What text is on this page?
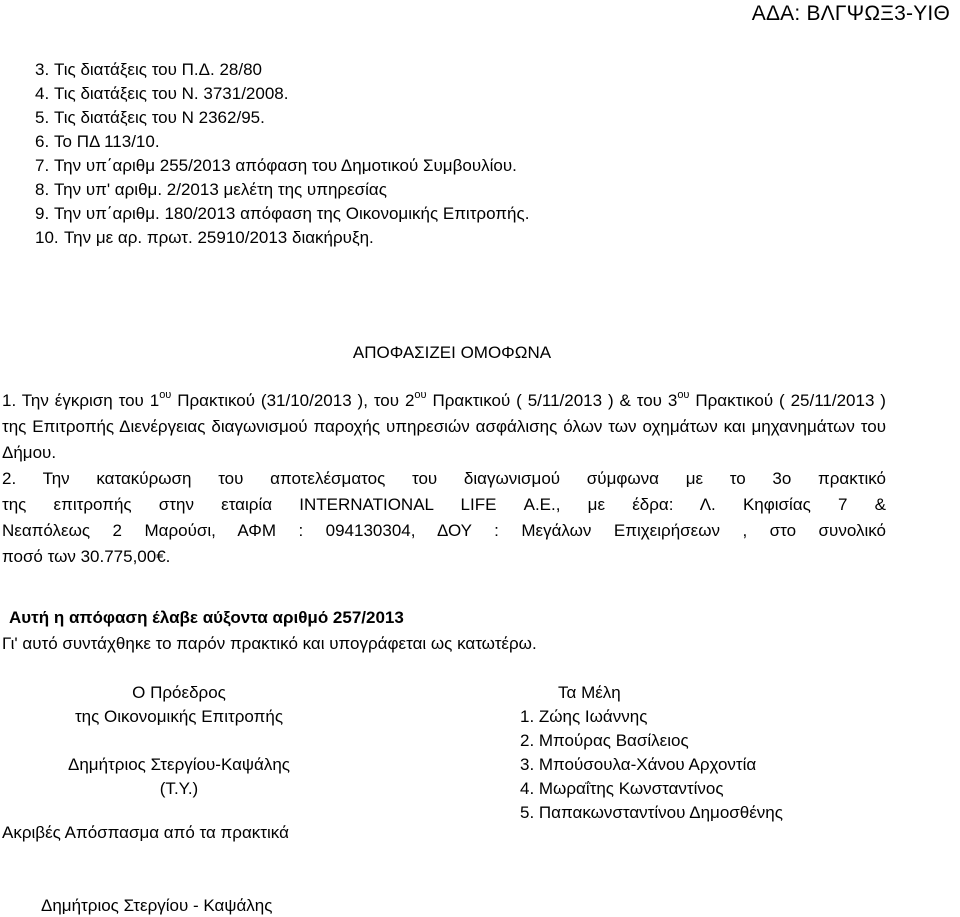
ΑΔΑ: ΒΛΓΨΩΞ3-ΥΙΘ
3. Τις διατάξεις του Π.Δ. 28/80
4. Τις διατάξεις του Ν. 3731/2008.
5. Τις διατάξεις του Ν 2362/95.
6. Το ΠΔ 113/10.
7. Την υπ΄αριθμ 255/2013 απόφαση του Δημοτικού Συμβουλίου.
8. Την υπ' αριθμ. 2/2013 μελέτη της υπηρεσίας
9. Την υπ΄αριθμ. 180/2013 απόφαση της Οικονομικής Επιτροπής.
10. Την με αρ. πρωτ. 25910/2013 διακήρυξη.
ΑΠΟΦΑΣΙΖΕΙ ΟΜΟΦΩΝΑ

1. Την έγκριση του $1^{o\upsilon}$ Πρακτικού (31/10/2013 ), του $2^{o\upsilon}$ Πρακτικού ( 5/11/2013 ) & του $3^{o\upsilon}$ Πρακτικού ( 25/11/2013 ) της Επιτροπής Διενέργειας διαγωνισμού παροχής υπηρεσιών ασφάλισης όλων των οχημάτων και μηχανημάτων του Δήμου.

2. Την κατακύρωση του αποτελέσματος του διαγωνισμού σύμφωνα με το 3ο πρακτικό
της επιτροπής στην εταιρία INTERNATIONAL LIFE Α.Ε., με έδρα: Λ. Κηφισίας 7 &
Νεαπόλεως 2 Μαρούσι, ΑΦΜ : 094130304, ΔΟΥ : Μεγάλων Επιχειρήσεων , στο συνολικό
ποσό των 30.775,00€.

Αυτή η απόφαση έλαβε αύξοντα αριθμό 257/2013
Γι' αυτό συντάχθηκε το παρόν πρακτικό και υπογράφεται ως κατωτέρω.
Ο Πρόεδρος
της Οικονομικής Επιτροπής
Δημήτριος Στεργίου-Καψάλης
(Τ.Υ.)
Τα Μέλη
1. Ζώης Ιωάννης
2. Μπούρας Βασίλειος
3. Μπούσουλα-Χάνου Αρχοντία
4. Μωραΐτης Κωνσταντίνος
5. Παπακωνσταντίνου Δημοσθένης
Ακριβές Απόσπασμα από τα πρακτικά
Δημήτριος Στεργίου - Καψάλης
